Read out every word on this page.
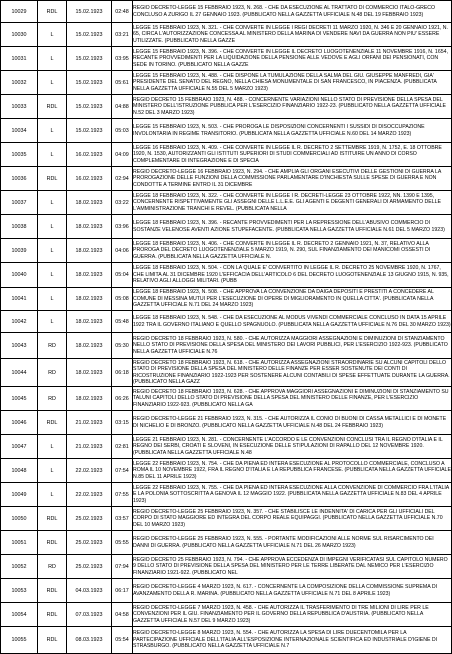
10029	RDL	15.02.1923	02:48	REGIO DECRETO-LEGGE 15 FEBBRAIO 1923, N. 268. - CHE DA ESECUZIONE AL TRATTATO DI COMMERCIO ITALO-GRECO CONCLUSO A ZURIGO IL 27 GENNAIO 1923. (PUBBLICATO NELLA GAZZETTA UFFICIALE N.48 DEL 19 FEBBRAIO 1923)
10030	L	15.02.1923	03:21	LEGGE 15 FEBBRAIO 1923, N. 321. - CHE CONVERTE IN LEGGE I REGI DECRETI 11 MARZO 1920, N. 346 E 20 GENNAIO 1921, N. 65, CIRCA L'AUTORIZZAZIONE CONCESSA AL MINISTERO DELLA MARINA DI VENDERE NAVI DA GUERRA NON PIU' ESSERE UTILIZZATE. (PUBBLICATO NELLA GAZZE
10031	L	15.02.1923	03:95	LEGGE 15 FEBBRAIO 1923, N. 396. - CHE CONVERTE IN LEGGE IL DECRETO LUOGOTENENZIALE 11 NOVEMBRE 1916, N. 1654, RECANTE PROVVEDIMENTI PER LA LIQUIDAZIONE DELLA PENSIONE ALLE VEDOVE E AGLI ORFANI DEI PENSIONATI, CON SEDE IN TORINO. (PUBBLICATO NELLA GAZZE
10032	L	15.02.1923	05:61	LEGGE 15 FEBBRAIO 1923, N. 488. - CHE DISPONE LA TUMULAZIONE DELLA SALMA DEL GIU. GIUSEPPE MANFREDI, GIA' PRESIDENTE DEL SENATO DEL REGNO, NELLA CHIESA MONUMENTALE DI SAN FRANCESCO, IN PIACENZA. (PUBBLICATA NELLA GAZZETTA UFFICIALE N.55 DEL 5 MARZO 1923)
10033	RDL	15.02.1923	04:88	REGIO DECRETO 15 FEBBRAIO 1923, N. 488. - CONCERNENTE VARIAZIONI NELLO STATO DI PREVISIONE DELLA SPESA DEL MINISTERO DELL'ISTRUZIONE PUBBLICA PER L'ESERCIZIO FINANZIARIO 1922-23. (PUBBLICATO NELLA GAZZETTA UFFICIALE N.52 DEL 3 MARZO 1923)
10034	L	15.02.1923	05:03	LEGGE 15 FEBBRAIO 1923, N. 503. - CHE PROROGA LE DISPOSIZIONI CONCERNENTI I SUSSIDI DI DISOCCUPAZIONE INVOLONTARIA IN REGIME TRANSITORIO. (PUBBLICATA NELLA GAZZETTA UFFICIALE N.60 DEL 14 MARZO 1923)
10035	L	16.02.1923	04:09	LEGGE 16 FEBBRAIO 1923, N. 409. - CHE CONVERTE IN LEGGE IL R. DECRETO 2 SETTEMBRE 1919, N. 1752, E. 18 OTTOBRE 1920, N. 1530, AUTORIZZANTI GLI ISTITUTI SUPERIORI DI STUDI COMMERCIALI AD ISTITUIRE UN ANNO DI CORSO COMPLEMENTARE DI INTEGRAZIONE E DI SPECIA
10036	RDL	16.02.1923	02:94	REGIO DECRETO-LEGGE 16 FEBBRAIO 1923, N. 294. - CHE AMPLIA GLI ORGANI ESECUTIVI DELLE GESTIONI DI GUERRA LA PROROGAZIONE DELLE FUNZIONI DELLA COMMISSIONE PARLAMENTARE D'INCHIESTA SULLE SPESE DI GUERRA E NON CONDOTTE A TERMINE ENTRO IL 31 DICEMBRE
10037	L	18.02.1923	03:22	LEGGE 18 FEBBRAIO 1923, N. 322. - CHE CONVERTE IN LEGGE I R. DECRETI-LEGGE 23 OTTOBRE 1922, NN. 1390 E 1395, CONCERNENTE RISPETTIVAMENTE GLI ASSEGNI DELLE L.L.E.E. GLI AGENTI E DEGENTI GENERALI DI ARMAMENTO DELLE L'AMMINISTRAZIONE TRANCHI E REVEL. (PUBBLICATA NELLA
10038	L	18.02.1923	03:96	LEGGE 18 FEBBRAIO 1923, N. 396. - RECANTE PROVVEDIMENTI PER LA REPRESSIONE DELL'ABUSIVO COMMERCIO DI SOSTANZE VELENOSE AVENTI AZIONE STUPEFACENTE. (PUBBLICATA NELLA GAZZETTA UFFICIALE N.61 DEL 5 MARZO 1923)
10039	L	18.02.1923	04:06	LEGGE 18 FEBBRAIO 1923, N. 406. - CHE CONVERTE IN LEGGE IL R. DECRETO 2 GENNAIO 1921, N. 37, RELATIVO ALLA PROROGA DEL DECRETO LUOGOTENENZIALE 5 MARZO 1919, N. 290, SUL FINANZIAMENTO DEI MANICOMI OSSESTI DI GUERRA. (PUBBLICATA NELLA GAZZETTA UFFICIALE N.
10040	L	18.02.1923	05:04	LEGGE 18 FEBBRAIO 1923, N. 504. - CON LA QUALE E' CONVERTITO IN LEGGE IL R. DECRETO 25 NOVEMBRE 1920, N. 1767, CHE LIMITA AL 31 DICEMBRE 1920 L'EFFICACIA DELL'ARTICOLO 6 DEL DECRETO LUOGOTENENZIALE 13 GIUGNO 1915, N. 935, RELATIVO AGLI ALLOGGI MILITARI. (PUBB
10041	L	18.02.1923	05:08	LEGGE 18 FEBBRAIO 1923, N. 508. - CHE APPROVA LA CONVENZIONE DA DAIGA DEPOSITI E PRESTITI A CONCEDERE AL COMUNE DI MESSINA MUTUI PER L'ESECUZIONE DI OPERE DI MIGLIORAMENTO IN QUELLA CITTA'. (PUBBLICATA NELLA GAZZETTA UFFICIALE N.71 DEL 24 MARZO 1923)
10042	L	18.02.1923	05:48	LEGGE 18 FEBBRAIO 1923, N. 548. - CHE DA ESECUZIONE AL MODUS VIVENDI COMMERCIALE CONCLUSO IN DATA 15 APRILE 1922 TRA IL GOVERNO ITALIANO E QUELLO SPAGNUOLO. (PUBBLICATA NELLA GAZZETTA UFFICIALE N.76 DEL 30 MARZO 1923)
10043	RD	18.02.1923	05:30	REGIO DECRETO 18 FEBBRAIO 1923, N. 580. - CHE AUTORIZZA MAGGIORI ASSEGNAZIONI E DIMINUZIONI DI STANZIAMENTO NELLO STATO DI PREVISIONE DELLA SPESA DEL MINISTERO DEI LAVORI PUBBLICI, PER L'ESERCIZIO 1922-923. (PUBBLICATO NELLA GAZZETTA UFFICIALE N.76
10044	RD	18.02.1923	06:18	REGIO DECRETO 18 FEBBRAIO 1923, N. 618. - CHE AUTORIZZA ASSEGNAZIONI STRAORDINARIE SU ALCUNI CAPITOLI DELLO STATO DI PREVISIONE DELLA SPESA DEL MINISTERO DELLE FINANZE PER ESSER SOSTENUTE DEI CONTI DI RICOSTRUZIONE FINANZIARIO 1922-1923 PER SOSTENERE ALCUNI CONTABILI DI SPESE EFFETTUATE DURANTE LA GUERRA. (PUBBLICATO NELLA GAZZ
10045	RD	18.02.1923	06:26	REGIO DECRETO 18 FEBBRAIO 1923, N. 628. - CHE APPROVA MAGGIORI ASSEGNAZIONI E DIMINUZIONI DI STANZIAMENTO SU TALUNI CAPITOLI DELLO STATO DI PREVISIONE DELLA SPESA DEL MINISTERO DELLE FINANZE, PER L'ESERCIZIO FINANZIARIO 1922-923. (PUBBLICATO NELLA GA
10046	RDL	21.02.1923	03:15	REGIO DECRETO-LEGGE 21 FEBBRAIO 1923, N. 315. - CHE AUTORIZZA IL CONIO DI BUONI DI CASSA METALLICI E DI MONETE DI NICHELIO E DI BRONZO. (PUBBLICATO NELLA GAZZETTA UFFICIALE N.48 DEL 24 FEBBRAIO 1923)
10047	L	21.02.1923	02:81	LEGGE 21 FEBBRAIO 1923, N. 281. - CONCERNENTE L'ACCORDO E LE CONVENZIONI CONCLUSI TRA IL REGNO D'ITALIA E IL REGNO DEI SERBI, CROATI E SLOVENI, IN ESECUZIONE DELLE STIPULAZIONI DI RAPALLO DEL 12 NOVEMBRE 1920. (PUBBLICATA NELLA GAZZETTA UFFICIALE N.48
10048	L	22.02.1923	07:54	LEGGE 22 FEBBRAIO 1923, N. 754. - CHE DA PIENA ED INTERA ESECUZIONE AL PROTOCOLLO COMMERCIALE, CONCLUSO A ROMA IL 10 NOVEMBRE 1922, FRA IL REGNO D'ITALIA E LA REPUBBLICA FRANCESE. (PUBBLICATA NELLA GAZZETTA UFFICIALE N.85 DEL 11 APRILE 1923)
10049	L	22.02.1923	07:55	LEGGE 22 FEBBRAIO 1923, N. 755. - CHE DA PIENA ED INTERA ESECUZIONE ALLA CONVENZIONE DI COMMERCIO FRA L'ITALIA E LA POLONIA SOTTOSCRITTA A GENOVA IL 12 MAGGIO 1922. (PUBBLICATA NELLA GAZZETTA UFFICIALE N.83 DEL 4 APRILE 1923)
10050	RDL	25.02.1923	03:57	REGIO DECRETO-LEGGE 25 FEBBRAIO 1923, N. 357. - CHE STABILISCE LE INDENNITA' DI CARICA PER GLI UFFICIALI DEL CORPO DI STATO MAGGIORE ED INTEGRA DEL CORPO REALE EQUIPAGGI. (PUBBLICATO NELLA GAZZETTA UFFICIALE N.70 DEL 10 MARZO 1923)
10051	RDL	25.02.1923	05:55	REGIO DECRETO-LEGGE 25 FEBBRAIO 1923, N. 555. - PORTANTE MODIFICAZIONI ALLE NORME SUL RISARCIMENTO DEI DANNI DI GUERRA. (PUBBLICATO NELLA GAZZETTA UFFICIALE N.71 DEL 26 MARZO 1923)
10052	RD	25.02.1923	07:94	REGIO DECRETO 25 FEBBRAIO 1923, N. 794. - CHE APPROVA ECCEDENZA DI IMPEGNI VERIFICATASI SUL CAPITOLO NUMERO 9 DELLO STATO DI PREVISIONE DELLA SPESA DEL MINISTERO PER LE TERRE LIBERATE DAL NEMICO PER L'ESERCIZIO FINANZIARIO 1921-922. (PUBBLICATO NEL
10053	RDL	04.03.1923	06:17	REGIO DECRETO-LEGGE 4 MARZO 1923, N. 617. - CONCERNENTE LA COMPOSIZIONE DELLA COMMISSIONE SUPREMA DI AVANZAMENTO DELLA R. MARINA. (PUBBLICATO NELLA GAZZETTA UFFICIALE N.71 DEL 8 APRILE 1923)
10054	RDL	07.03.1923	04:58	REGIO DECRETO-LEGGE 7 MARZO 1923, N. 458. - CHE AUTORIZZA IL TRASFERIMENTO DI TRE MILIONI DI LIRE PER LE CONVENZIONI PER IL GIU. FINANZIAMENTO PER IL GOVERNO DELLA REPUBBLICA D'AUSTRIA. (PUBBLICATO NELLA GAZZETTA UFFICIALE N.57 DEL 9 MARZO 1923)
10055	RDL	08.03.1923	05:54	REGIO DECRETO-LEGGE 8 MARZO 1923, N. 554. - CHE AUTORIZZA LA SPESA DI LIRE DUECENTOMILA PER LA PARTECIPAZIONE UFFICIALE DELL'ITALIA ALL'ESPOSIZIONE INTERNAZIONALE SCIENTIFICA ED INDUSTRIALE D'IGIENE DI STRASBURGO. (PUBBLICATO NELLA GAZZETTA UFFICIALE N.7
